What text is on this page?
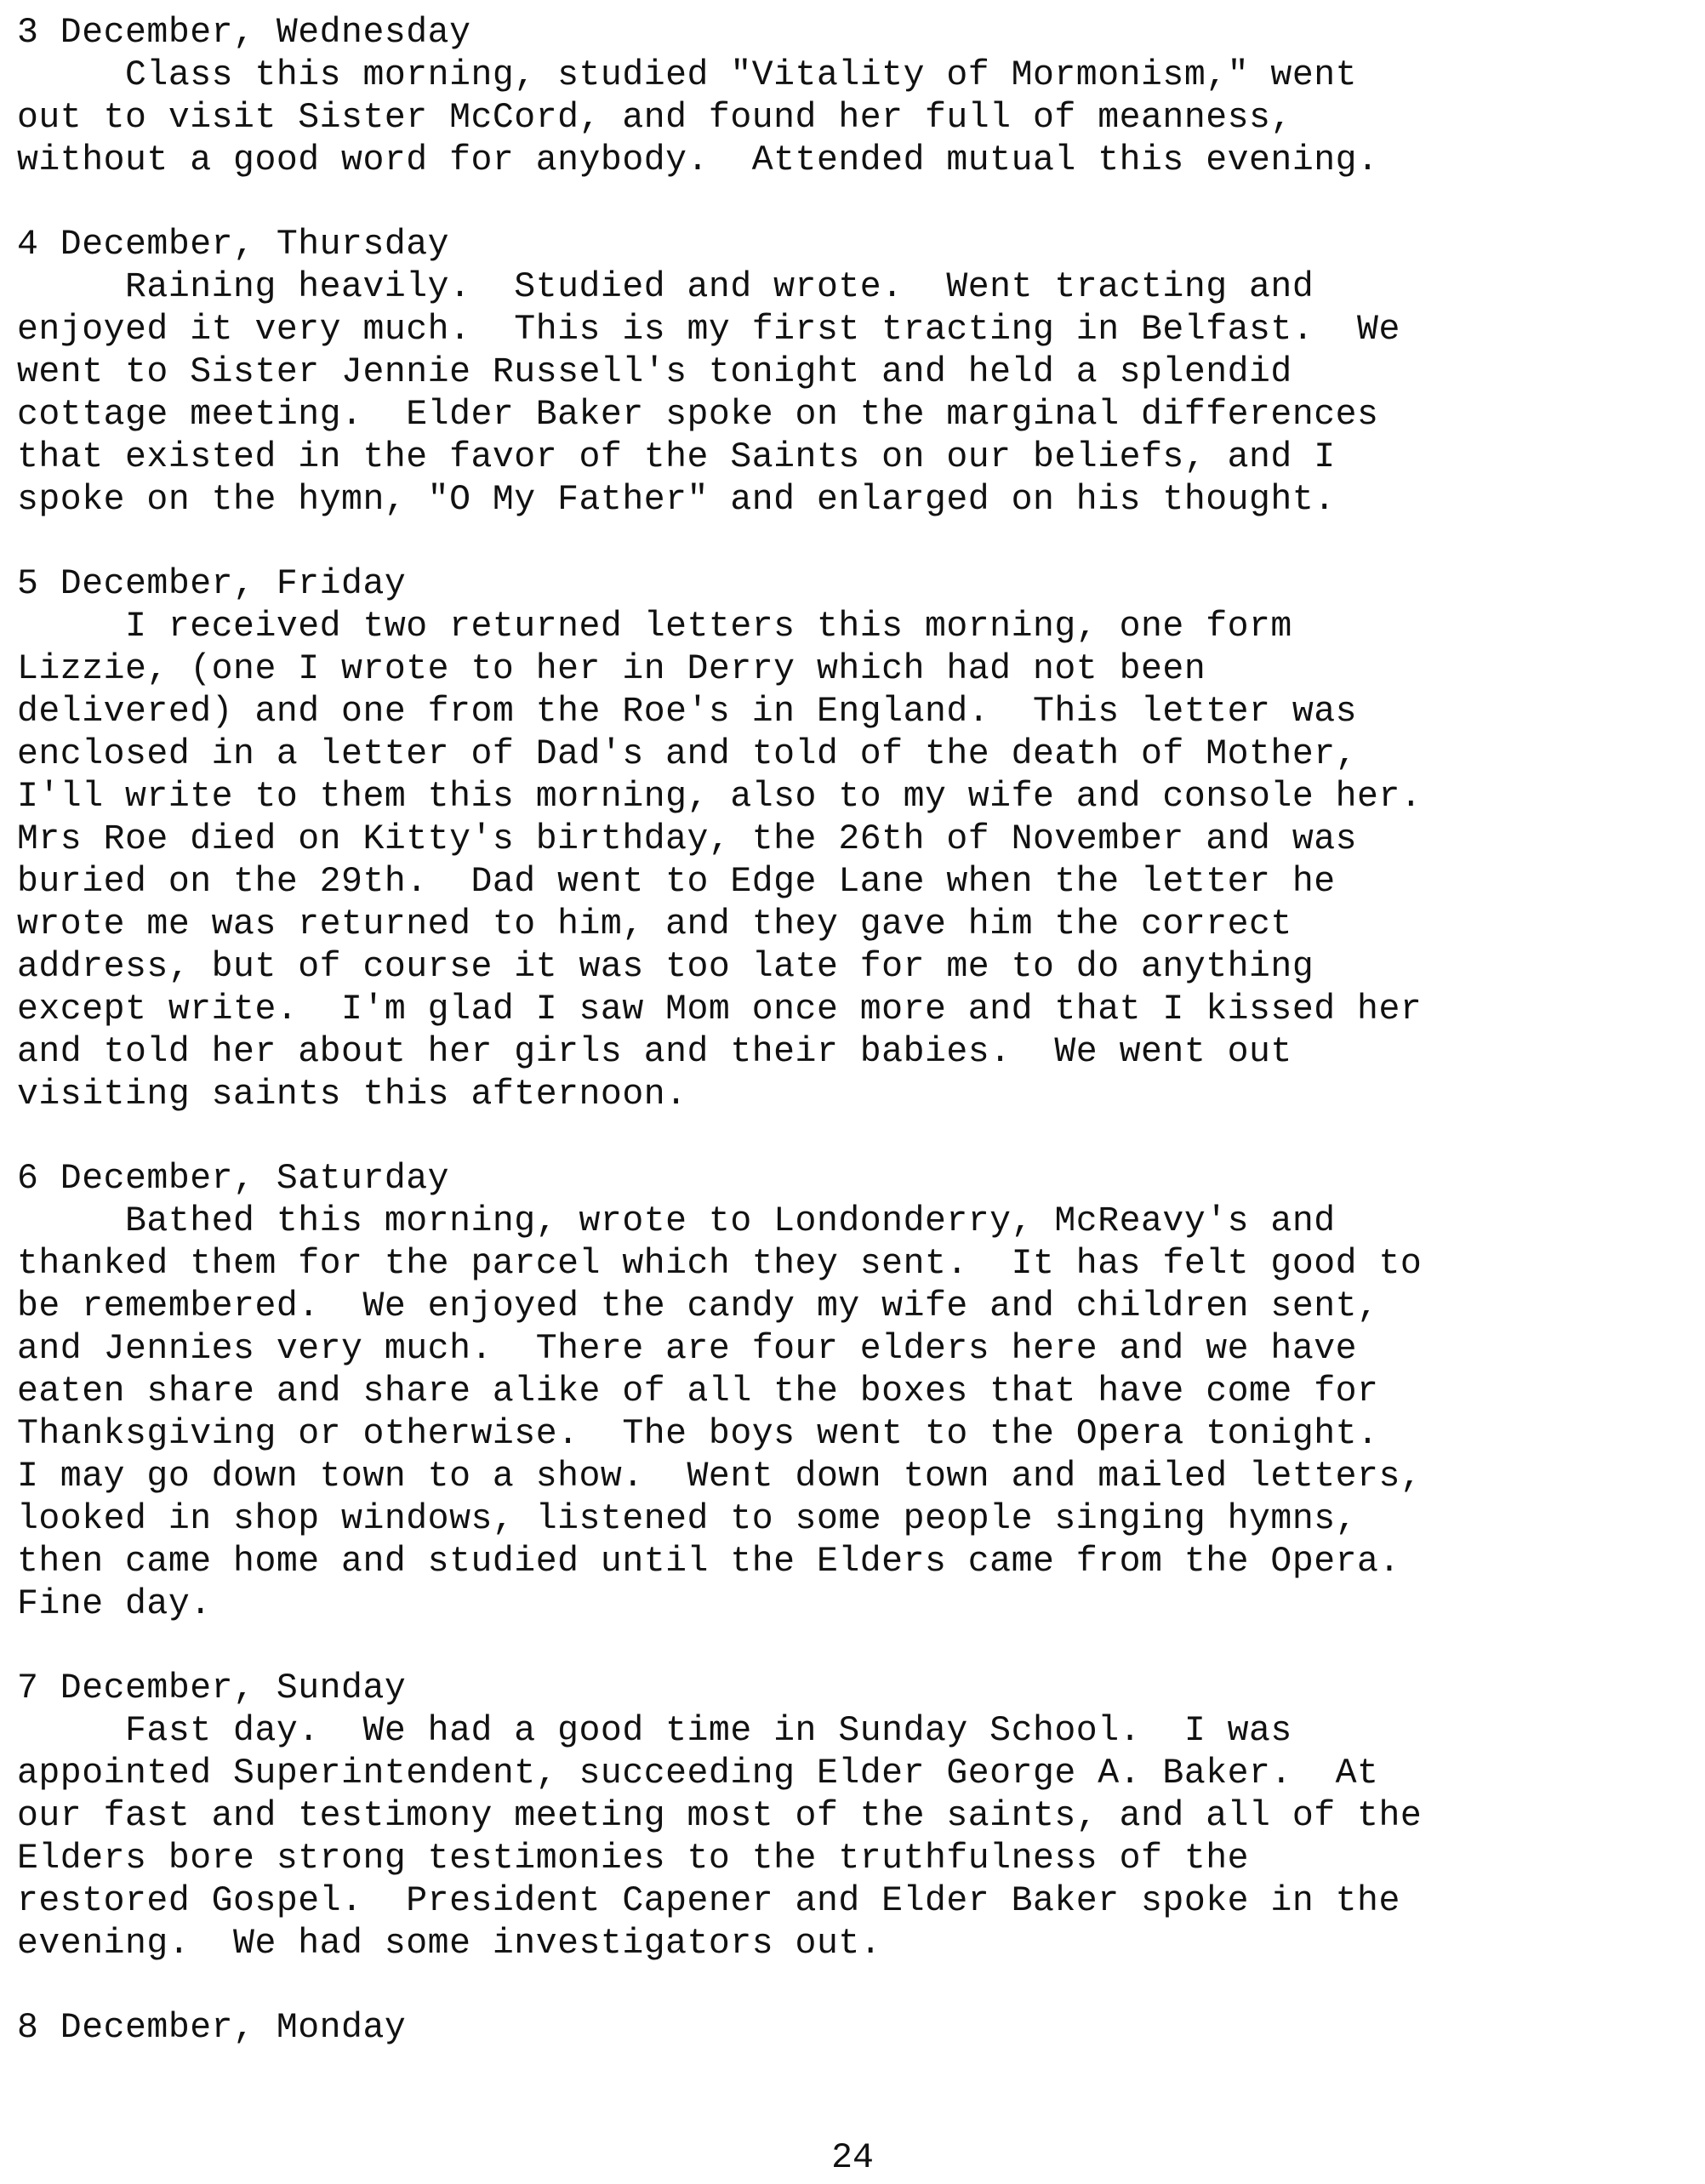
3 December, Wednesday
Class this morning, studied "Vitality of Mormonism," went
out to visit Sister McCord, and found her full of meanness,
without a good word for anybody.  Attended mutual this evening.
4 December, Thursday
Raining heavily.  Studied and wrote.  Went tracting and
enjoyed it very much.  This is my first tracting in Belfast.  We
went to Sister Jennie Russell's tonight and held a splendid
cottage meeting.  Elder Baker spoke on the marginal differences
that existed in the favor of the Saints on our beliefs, and I
spoke on the hymn, "O My Father" and enlarged on his thought.
5 December, Friday
I received two returned letters this morning, one form
Lizzie, (one I wrote to her in Derry which had not been
delivered) and one from the Roe's in England.  This letter was
enclosed in a letter of Dad's and told of the death of Mother,
I'll write to them this morning, also to my wife and console her.
Mrs Roe died on Kitty's birthday, the 26th of November and was
buried on the 29th.  Dad went to Edge Lane when the letter he
wrote me was returned to him, and they gave him the correct
address, but of course it was too late for me to do anything
except write.  I'm glad I saw Mom once more and that I kissed her
and told her about her girls and their babies.  We went out
visiting saints this afternoon.
6 December, Saturday
Bathed this morning, wrote to Londonderry, McReavy's and
thanked them for the parcel which they sent.  It has felt good to
be remembered.  We enjoyed the candy my wife and children sent,
and Jennies very much.  There are four elders here and we have
eaten share and share alike of all the boxes that have come for
Thanksgiving or otherwise.  The boys went to the Opera tonight.
I may go down town to a show.  Went down town and mailed letters,
looked in shop windows, listened to some people singing hymns,
then came home and studied until the Elders came from the Opera.
Fine day.
7 December, Sunday
Fast day.  We had a good time in Sunday School.  I was
appointed Superintendent, succeeding Elder George A. Baker.  At
our fast and testimony meeting most of the saints, and all of the
Elders bore strong testimonies to the truthfulness of the
restored Gospel.  President Capener and Elder Baker spoke in the
evening.  We had some investigators out.
8 December, Monday
24
